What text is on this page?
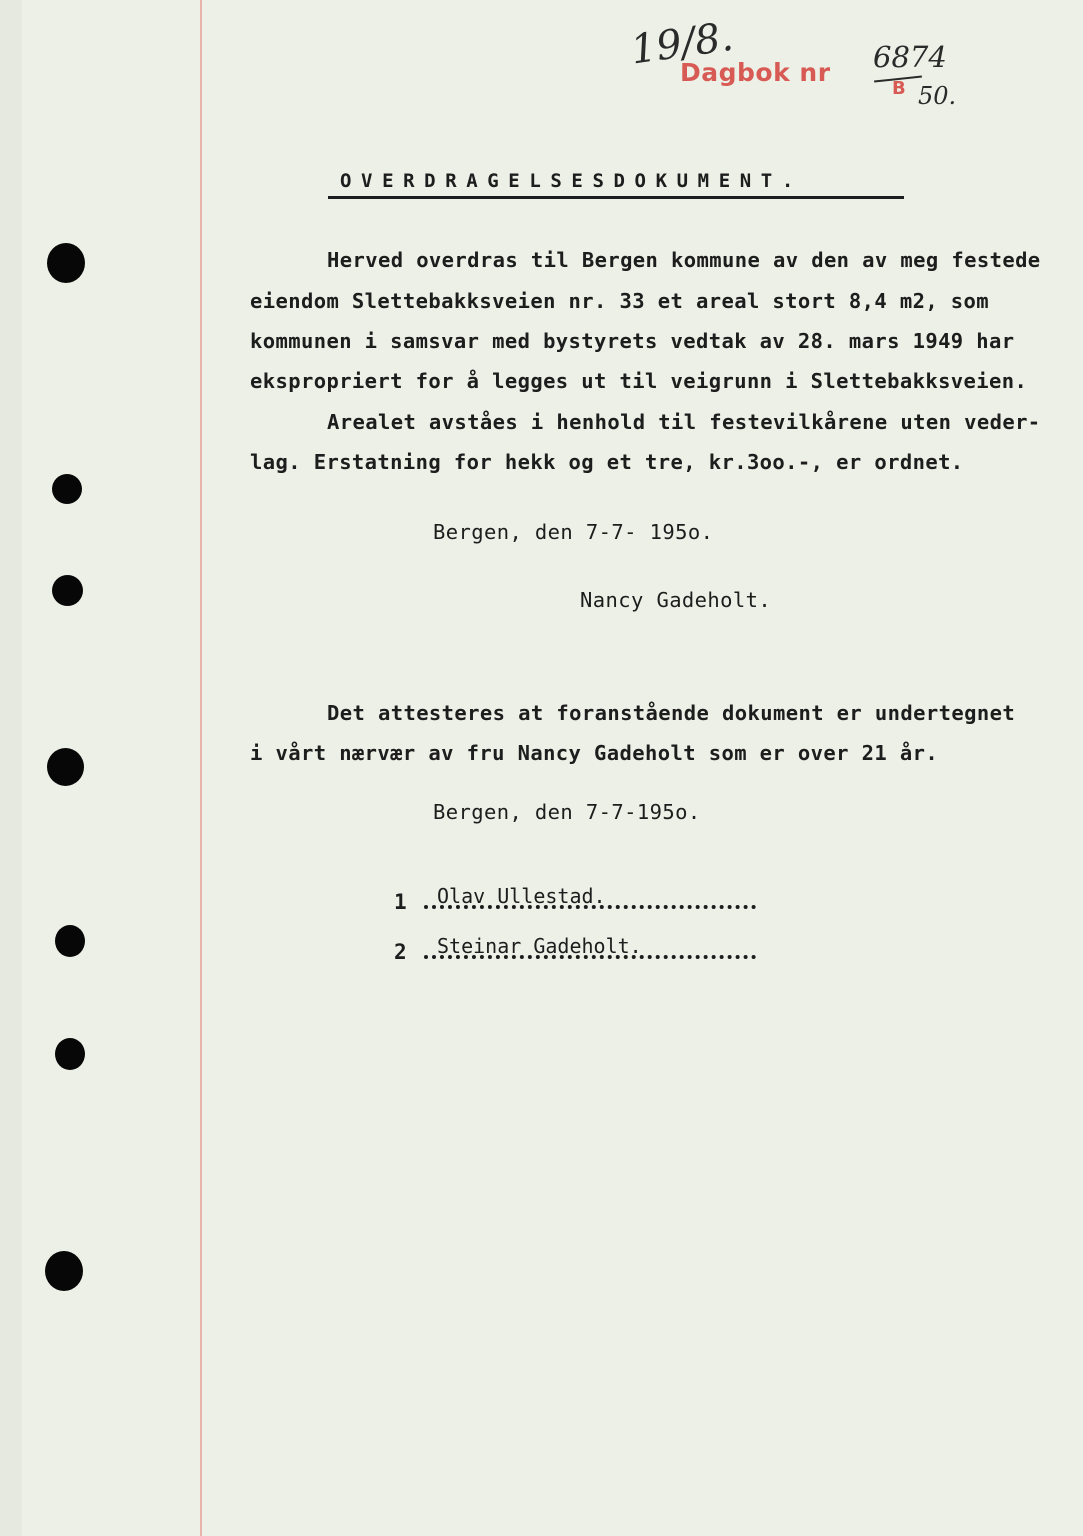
19/8.
Dagbok nr 6874
B 50.
OVERDRAGELSESDOKUMENT.
Herved overdras til Bergen kommune av den av meg festede
eiendom Slettebakksveien nr. 33 et areal stort 8,4 m2, som
kommunen i samsvar med bystyrets vedtak av 28. mars 1949 har
ekspropriert for å legges ut til veigrunn i Slettebakksveien.
Arealet avståes i henhold til festevilkårene uten veder-
lag. Erstatning for hekk og et tre, kr.3oo.-, er ordnet.
Bergen, den 7-7- 195o.
Nancy Gadeholt.
Det attesteres at foranstående dokument er undertegnet
i vårt nærvær av fru Nancy Gadeholt som er over 21 år.
Bergen, den 7-7-195o.
1 Olav Ullestad.
2 Steinar Gadeholt.
